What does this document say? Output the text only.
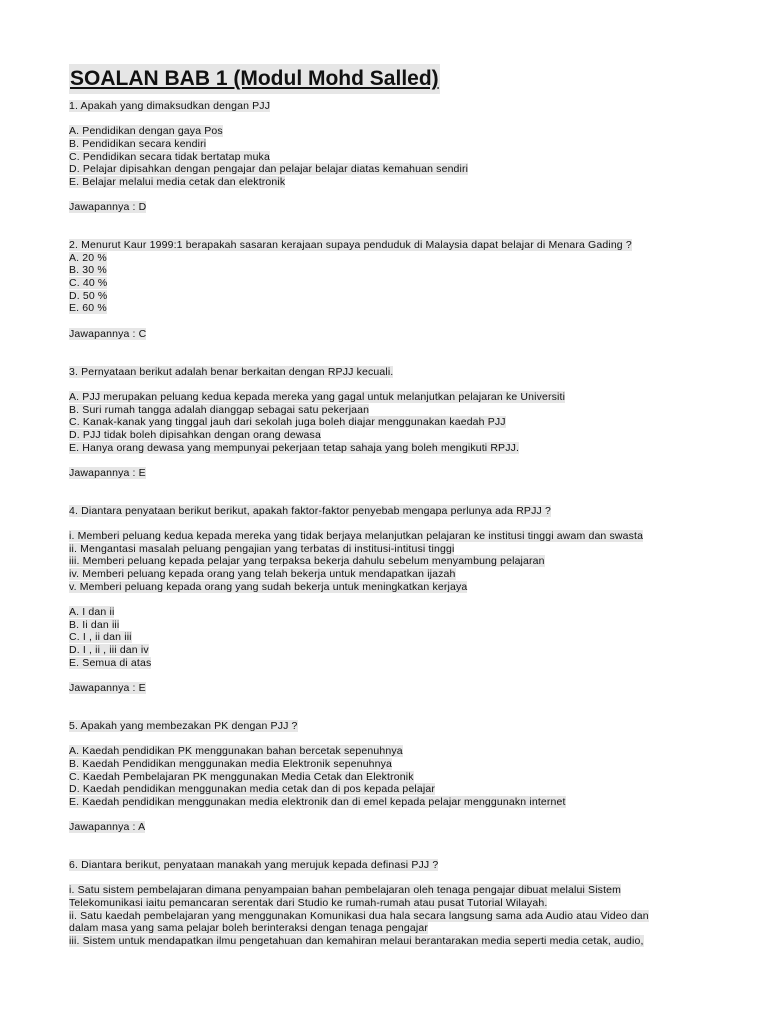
SOALAN BAB 1 (Modul Mohd Salled)
1. Apakah yang dimaksudkan dengan PJJ
A. Pendidikan dengan gaya Pos
B. Pendidikan secara kendiri
C. Pendidikan secara tidak bertatap muka
D. Pelajar dipisahkan dengan pengajar dan pelajar belajar diatas kemahuan sendiri
E. Belajar melalui media cetak dan elektronik
Jawapannya : D
2. Menurut Kaur 1999:1 berapakah sasaran kerajaan supaya penduduk di Malaysia dapat belajar di Menara Gading ?
A. 20 %
B. 30 %
C. 40 %
D. 50 %
E. 60 %
Jawapannya : C
3. Pernyataan berikut adalah benar berkaitan dengan RPJJ kecuali.
A. PJJ merupakan peluang kedua kepada mereka yang gagal untuk melanjutkan pelajaran ke Universiti
B. Suri rumah tangga adalah dianggap sebagai satu pekerjaan
C. Kanak-kanak yang tinggal jauh dari sekolah juga boleh diajar menggunakan kaedah PJJ
D. PJJ tidak boleh dipisahkan dengan orang dewasa
E. Hanya orang dewasa yang mempunyai pekerjaan tetap sahaja yang boleh mengikuti RPJJ.
Jawapannya : E
4. Diantara penyataan berikut berikut, apakah faktor-faktor penyebab mengapa perlunya ada RPJJ ?
i. Memberi peluang kedua kepada mereka yang tidak berjaya melanjutkan pelajaran ke institusi tinggi awam dan swasta
ii. Mengantasi masalah peluang pengajian yang terbatas di institusi-intitusi tinggi
iii. Memberi peluang kepada pelajar yang terpaksa bekerja dahulu sebelum menyambung pelajaran
iv. Memberi peluang kepada orang yang telah bekerja untuk mendapatkan ijazah
v. Memberi peluang kepada orang yang sudah bekerja untuk meningkatkan kerjaya
A. I dan ii
B. Ii dan iii
C. I , ii dan iii
D. I , ii , iii dan iv
E. Semua di atas
Jawapannya : E
5. Apakah yang membezakan PK dengan PJJ ?
A. Kaedah pendidikan PK menggunakan bahan bercetak sepenuhnya
B. Kaedah Pendidikan menggunakan media Elektronik sepenuhnya
C. Kaedah Pembelajaran PK menggunakan Media Cetak dan Elektronik
D. Kaedah pendidikan menggunakan media cetak dan di pos kepada pelajar
E. Kaedah pendidikan menggunakan media elektronik dan di emel kepada pelajar menggunakn internet
Jawapannya : A
6. Diantara berikut, penyataan manakah yang merujuk kepada definasi PJJ ?
i. Satu sistem pembelajaran dimana penyampaian bahan pembelajaran oleh tenaga pengajar dibuat melalui Sistem
Telekomunikasi iaitu pemancaran serentak dari Studio ke rumah-rumah atau pusat Tutorial Wilayah.
ii. Satu kaedah pembelajaran yang menggunakan Komunikasi dua hala secara langsung sama ada Audio atau Video dan
dalam masa yang sama pelajar boleh berinteraksi dengan tenaga pengajar
iii. Sistem untuk mendapatkan ilmu pengetahuan dan kemahiran melaui berantarakan media seperti media cetak, audio,
